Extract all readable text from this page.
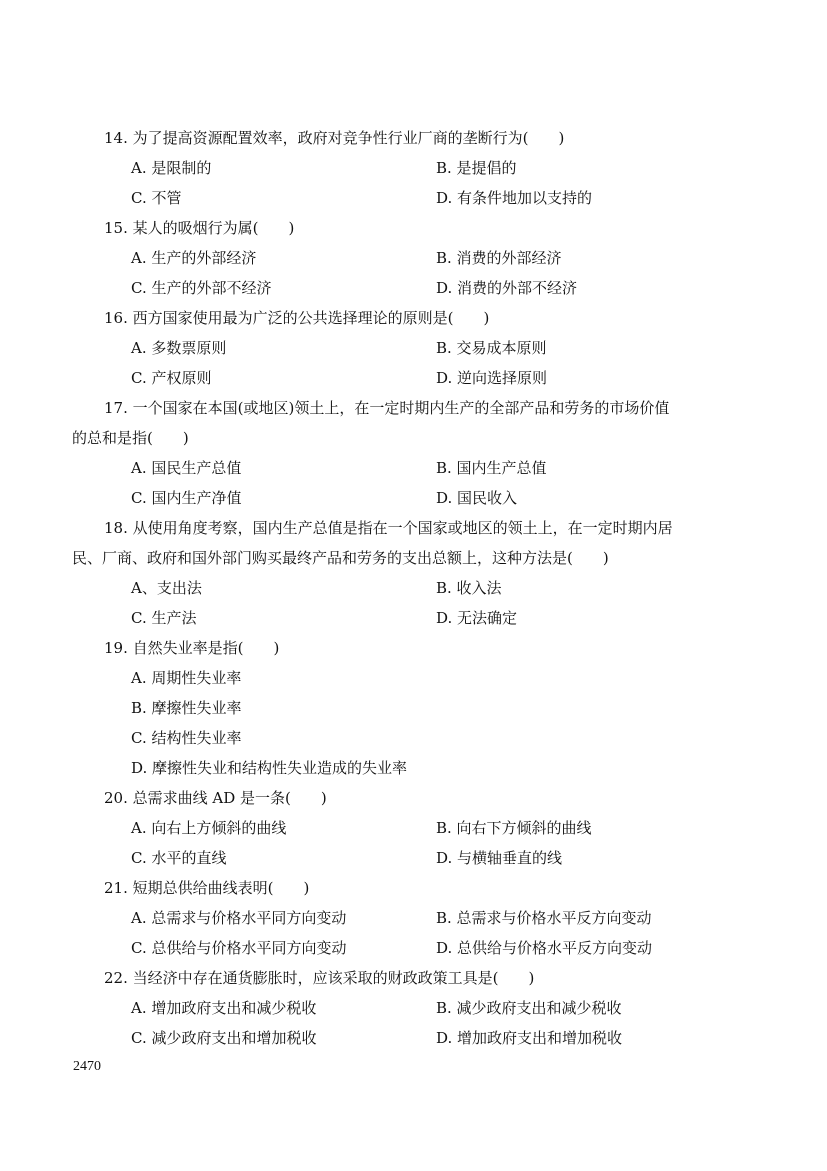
14. 为了提高资源配置效率，政府对竞争性行业厂商的垄断行为(　　)
A. 是限制的	B. 是提倡的
C. 不管	D. 有条件地加以支持的
15. 某人的吸烟行为属(　　)
A. 生产的外部经济	B. 消费的外部经济
C. 生产的外部不经济	D. 消费的外部不经济
16. 西方国家使用最为广泛的公共选择理论的原则是(　　)
A. 多数票原则	B. 交易成本原则
C. 产权原则	D. 逆向选择原则
17. 一个国家在本国(或地区)领土上，在一定时期内生产的全部产品和劳务的市场价值
的总和是指(　　)
A. 国民生产总值	B. 国内生产总值
C. 国内生产净值	D. 国民收入
18. 从使用角度考察，国内生产总值是指在一个国家或地区的领土上，在一定时期内居
民、厂商、政府和国外部门购买最终产品和劳务的支出总额上，这种方法是(　　)
A、支出法	B. 收入法
C. 生产法	D. 无法确定
19. 自然失业率是指(　　)
A. 周期性失业率
B. 摩擦性失业率
C. 结构性失业率
D. 摩擦性失业和结构性失业造成的失业率
20. 总需求曲线 AD 是一条(　　)
A. 向右上方倾斜的曲线	B. 向右下方倾斜的曲线
C. 水平的直线	D. 与横轴垂直的线
21. 短期总供给曲线表明(　　)
A. 总需求与价格水平同方向变动	B. 总需求与价格水平反方向变动
C. 总供给与价格水平同方向变动	D. 总供给与价格水平反方向变动
22. 当经济中存在通货膨胀时，应该采取的财政政策工具是(　　)
A. 增加政府支出和减少税收	B. 减少政府支出和减少税收
C. 减少政府支出和增加税收	D. 增加政府支出和增加税收
2470
